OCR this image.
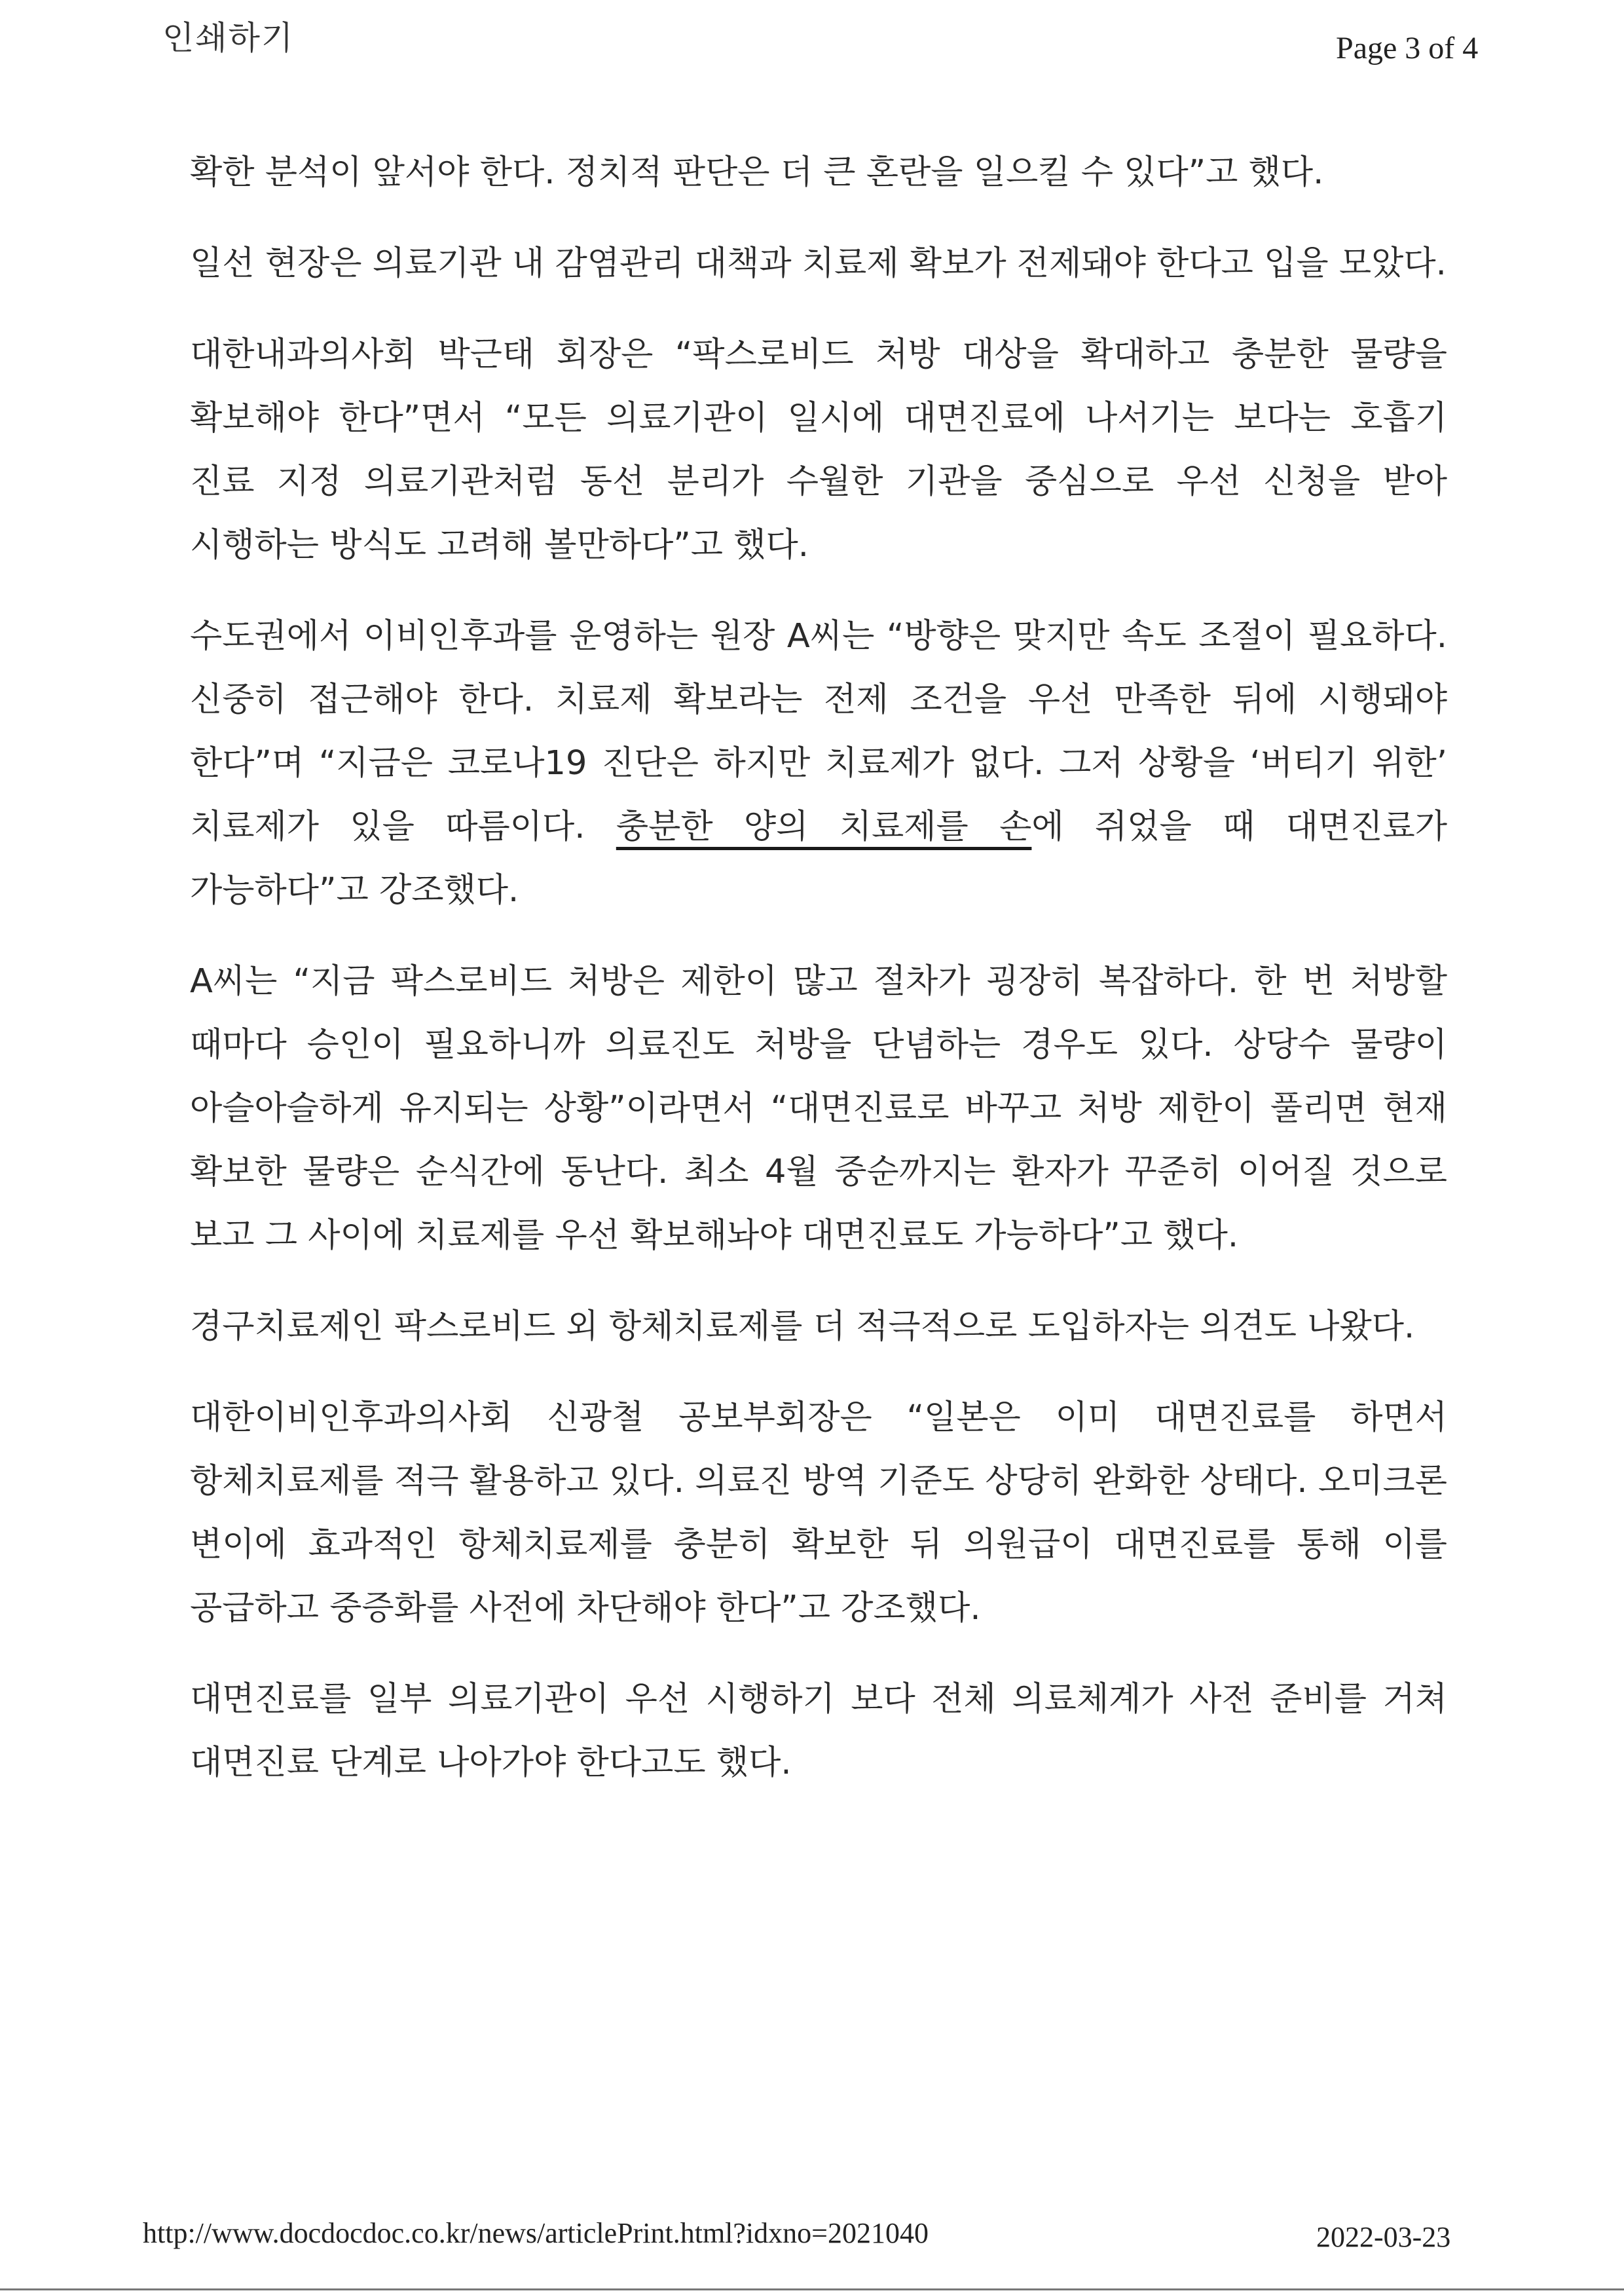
인쇄하기	Page 3 of 4

확한 분석이 앞서야 한다. 정치적 판단은 더 큰 혼란을 일으킬 수 있다”고 했다.

일선 현장은 의료기관 내 감염관리 대책과 치료제 확보가 전제돼야 한다고 입을 모았다.

대한내과의사회 박근태 회장은 “팍스로비드 처방 대상을 확대하고 충분한 물량을 확보해야 한다”면서 “모든 의료기관이 일시에 대면진료에 나서기는 보다는 호흡기 진료 지정 의료기관처럼 동선 분리가 수월한 기관을 중심으로 우선 신청을 받아 시행하는 방식도 고려해 볼만하다”고 했다.

수도권에서 이비인후과를 운영하는 원장 A씨는 “방향은 맞지만 속도 조절이 필요하다. 신중히 접근해야 한다. 치료제 확보라는 전제 조건을 우선 만족한 뒤에 시행돼야 한다”며 “지금은 코로나19 진단은 하지만 치료제가 없다. 그저 상황을 ‘버티기 위한’ 치료제가 있을 따름이다. 충분한 양의 치료제를 손에 쥐었을 때 대면진료가 가능하다”고 강조했다.

A씨는 “지금 팍스로비드 처방은 제한이 많고 절차가 굉장히 복잡하다. 한 번 처방할 때마다 승인이 필요하니까 의료진도 처방을 단념하는 경우도 있다. 상당수 물량이 아슬아슬하게 유지되는 상황”이라면서 “대면진료로 바꾸고 처방 제한이 풀리면 현재 확보한 물량은 순식간에 동난다. 최소 4월 중순까지는 환자가 꾸준히 이어질 것으로 보고 그 사이에 치료제를 우선 확보해놔야 대면진료도 가능하다”고 했다.

경구치료제인 팍스로비드 외 항체치료제를 더 적극적으로 도입하자는 의견도 나왔다.

대한이비인후과의사회 신광철 공보부회장은 “일본은 이미 대면진료를 하면서 항체치료제를 적극 활용하고 있다. 의료진 방역 기준도 상당히 완화한 상태다. 오미크론 변이에 효과적인 항체치료제를 충분히 확보한 뒤 의원급이 대면진료를 통해 이를 공급하고 중증화를 사전에 차단해야 한다”고 강조했다.

대면진료를 일부 의료기관이 우선 시행하기 보다 전체 의료체계가 사전 준비를 거쳐 대면진료 단계로 나아가야 한다고도 했다.

http://www.docdocdoc.co.kr/news/articlePrint.html?idxno=2021040	2022-03-23
